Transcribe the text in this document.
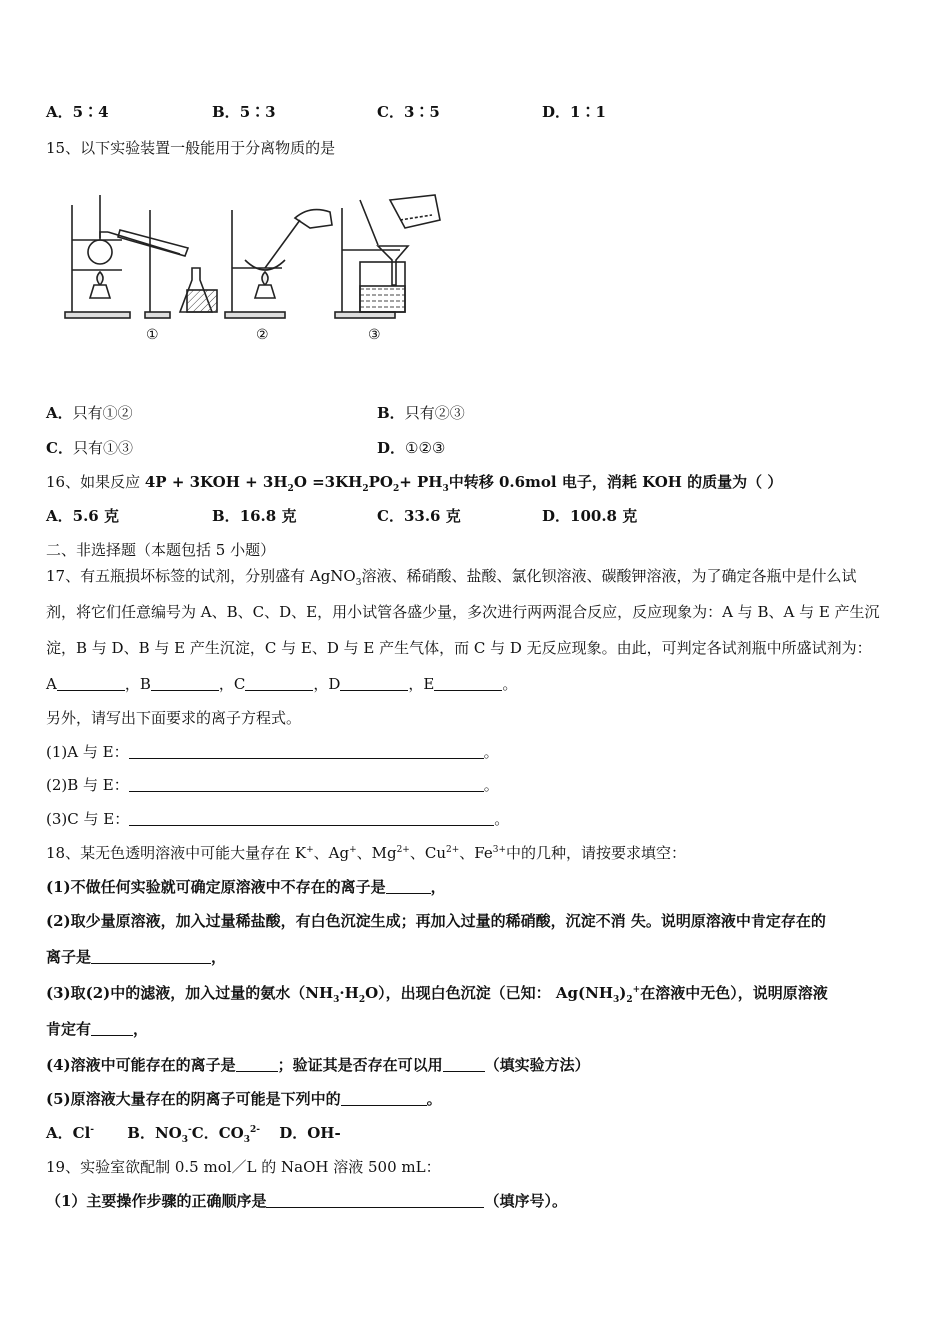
A．5∶4	B．5∶3	C．3∶5	D．1∶1
15、以下实验装置一般能用于分离物质的是
①	②	③
A．只有①②	B．只有②③
C．只有①③	D．①②③
16、如果反应 $4P + 3KOH + 3H_2O =3KH_2PO_2+ PH_3$中转移 0.6mol 电子，消耗 KOH 的质量为（ ）
A．5.6 克	B．16.8 克	C．33.6 克	D．100.8 克
二、非选择题（本题包括 5 小题）
17、有五瓶损坏标签的试剂，分别盛有 AgNO$_3$溶液、稀硝酸、盐酸、氯化钡溶液、碳酸钾溶液，为了确定各瓶中是什么试
剂，将它们任意编号为 A、B、C、D、E，用小试管各盛少量，多次进行两两混合反应，反应现象为：A 与 B、A 与 E 产生沉
淀，B 与 D、B 与 E 产生沉淀，C 与 E、D 与 E 产生气体，而 C 与 D 无反应现象。由此，可判定各试剂瓶中所盛试剂为：
A	，B	，C	，D	，E	。
另外，请写出下面要求的离子方程式。
(1)A 与 E：	。
(2)B 与 E：	。
(3)C 与 E：	。
18、某无色透明溶液中可能大量存在 K+、Ag+、$Mg^{2+}$、$Cu^{2+}$、$Fe^{3+}$中的几种，请按要求填空：
(1)不做任何实验就可确定原溶液中不存在的离子是	，
(2)取少量原溶液，加入过量稀盐酸，有白色沉淀生成；再加入过量的稀硝酸，沉淀不消 失。说明原溶液中肯定存在的
离子是	，
(3)取(2)中的滤液，加入过量的氨水$(NH_3\cdot H_2O)$，出现白色沉淀（已知： $Ag(NH_3)_2^+$在溶液中无色），说明原溶液
肯定有	，
(4)溶液中可能存在的离子是	；验证其是否存在可以用	（填实验方法）
(5)原溶液大量存在的阴离子可能是下列中的	。
A．Cl- B．$NO_3^-C$．$CO_3^{2-}$ D．OH-
19、实验室欲配制 0.5 mol／L 的 NaOH 溶液 500 mL：
（1）主要操作步骤的正确顺序是	（填序号）。
